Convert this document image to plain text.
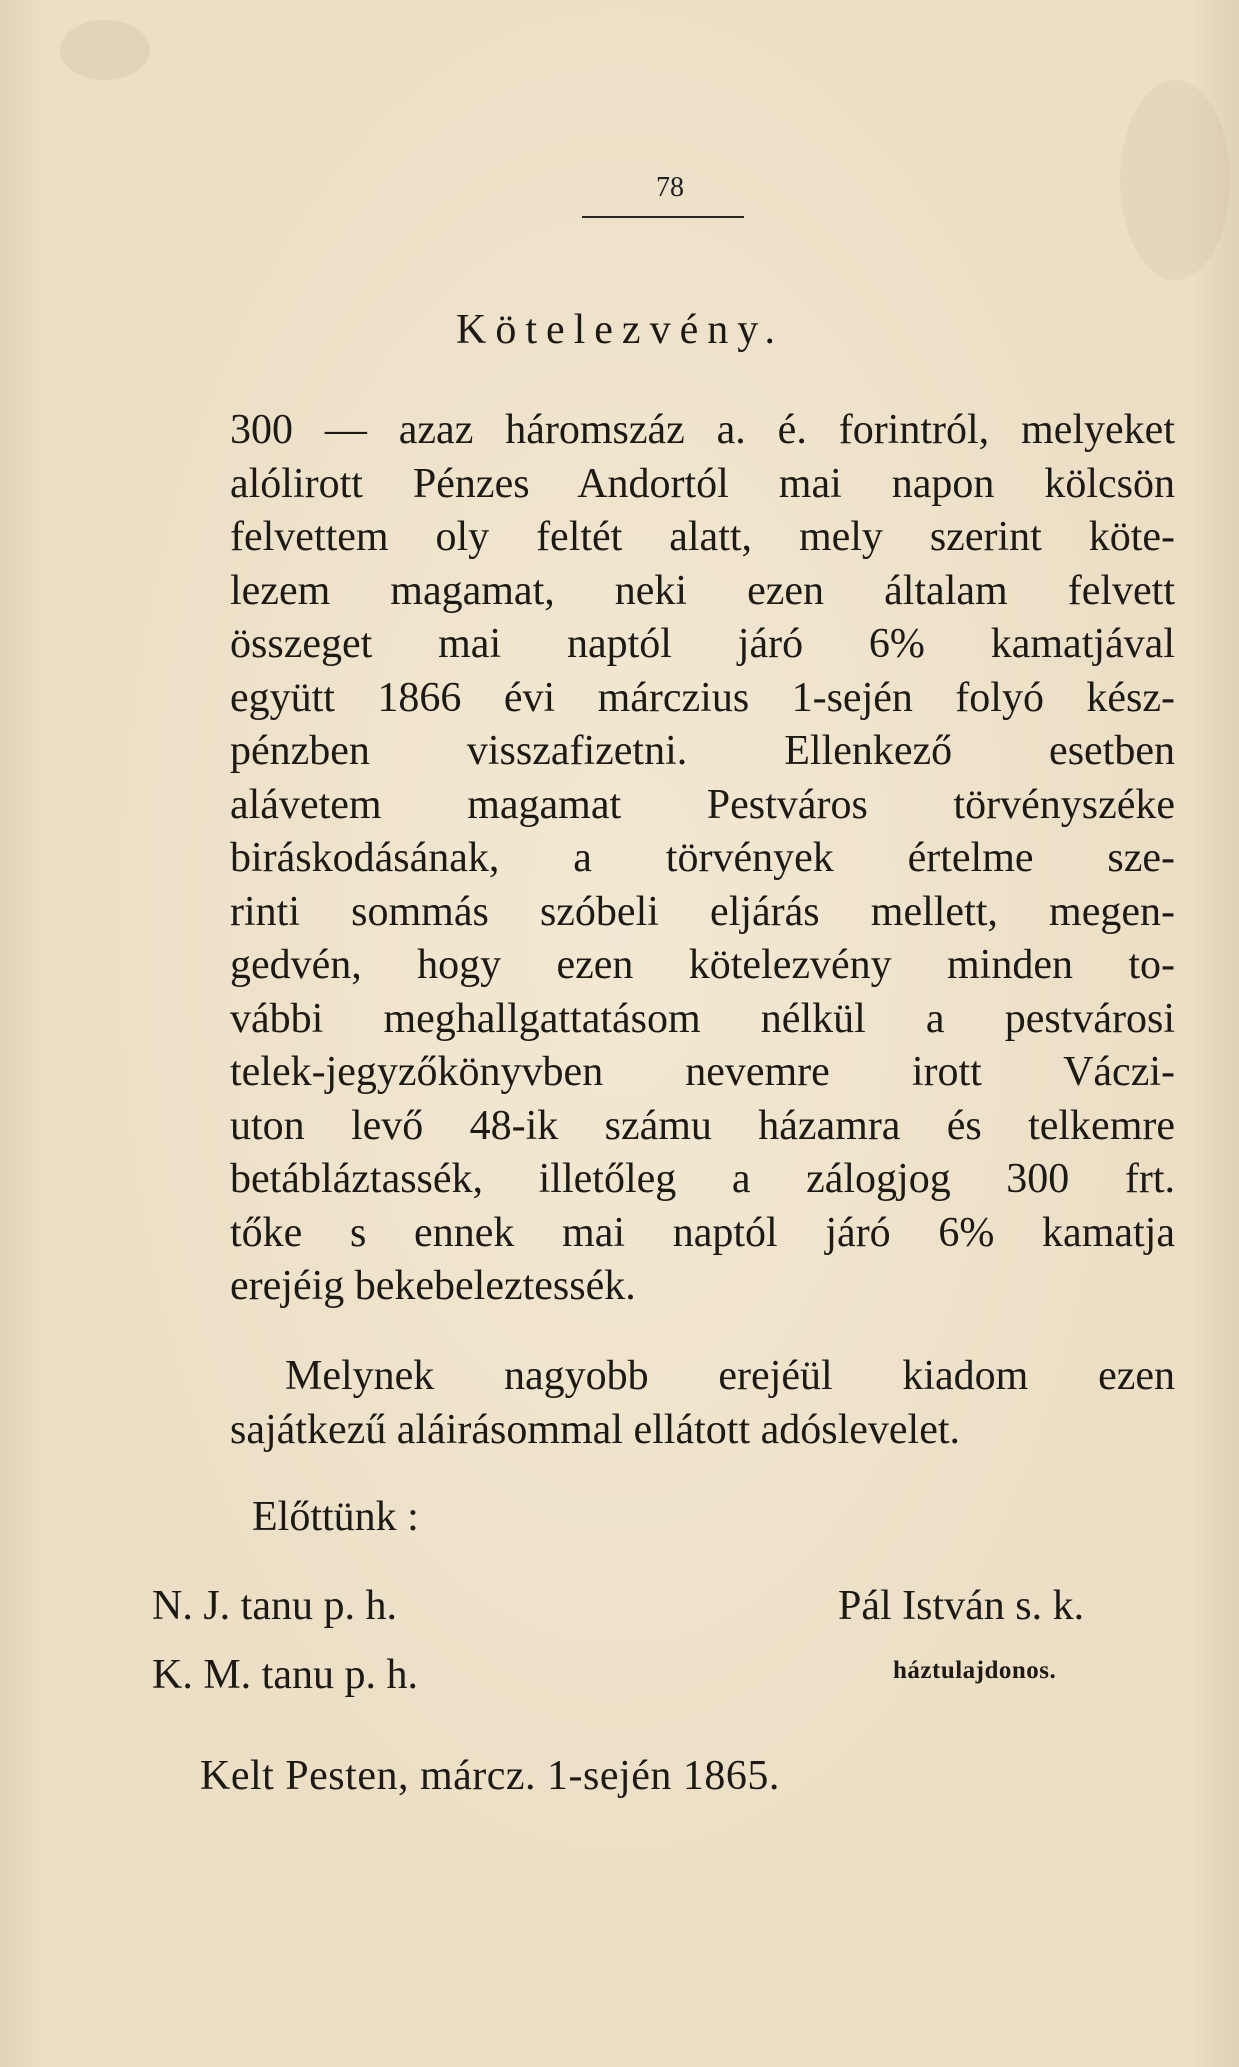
78
Kötelezvény.
300 — azaz háromszáz a. é. forintról, melyeket
alólirott Pénzes Andortól mai napon kölcsön
felvettem oly feltét alatt, mely szerint köte-
lezem magamat, neki ezen általam felvett
összeget mai naptól járó 6% kamatjával
együtt 1866 évi márczius 1-sején folyó kész-
pénzben visszafizetni. Ellenkező esetben
alávetem magamat Pestváros törvényszéke
biráskodásának, a törvények értelme sze-
rinti sommás szóbeli eljárás mellett, megen-
gedvén, hogy ezen kötelezvény minden to-
vábbi meghallgattatásom nélkül a pestvárosi
telek-jegyzőkönyvben nevemre irott Váczi-
uton levő 48-ik számu házamra és telkemre
betábláztassék, illetőleg a zálogjog 300 frt.
tőke s ennek mai naptól járó 6% kamatja
erejéig bekebeleztessék.
Melynek nagyobb erejéül kiadom ezen
sajátkezű aláirásommal ellátott adóslevelet.
Előttünk :
N. J. tanu p. h.
K. M. tanu p. h.
Pál István s. k.
háztulajdonos.
Kelt Pesten, márcz. 1-sején 1865.
